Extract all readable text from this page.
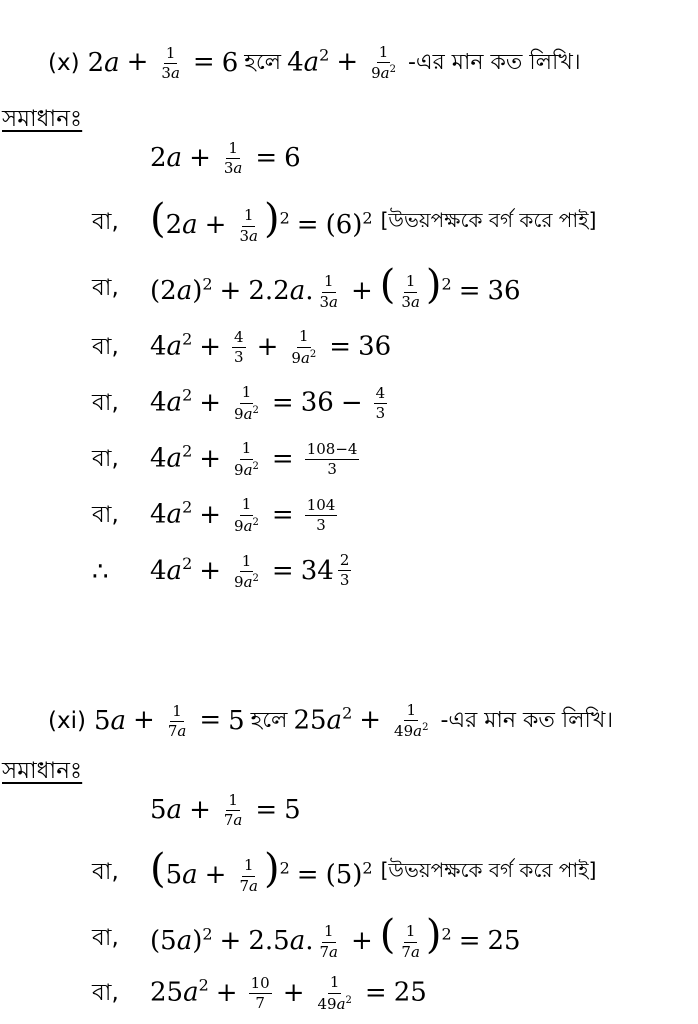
(x) $2a + \frac{1}{3a} = 6$ হলে $4a^2 + \frac{1}{9a^2}$ -এর মান কত লিখি।
সমাধানঃ
$2a + \frac{1}{3a} = 6$
বা, $(2a + \frac{1}{3a} )^2 = (6)^2$ [উভয়পক্ষকে বর্গ করে পাই]
বা,	$(2a)^2 + 2.2a$. $\frac{1}{3a}$ + ( $\frac{1}{3a} )^2 = 36$
বা,	$4a^2 + \frac{4}{3} + \frac{1}{9a^2} = 36$
বা,	$4a^2 + \frac{1}{9a^2} = 36 - \frac{4}{3}$
বা,	$4a^2 + \frac{1}{9a^2} = \frac{108-4}{3}$
বা,	$4a^2 + \frac{1}{9a^2} = \frac{104}{3}$
∴	$4a^2 + \frac{1}{9a^2} = 34 \frac{2}{3}$
(xi) $5a + \frac{1}{7a} = 5$ হলে $25a^2 + \frac{1}{49a^2}$ -এর মান কত লিখি।
সমাধানঃ
$5a + \frac{1}{7a} = 5$
বা, $(5a + \frac{1}{7a} )^2 = (5)^2$ [উভয়পক্ষকে বর্গ করে পাই]
বা,	$(5a)^2 + 2.5a$. $\frac{1}{7a}$ + ( $\frac{1}{7a} )^2 = 25$
বা,	$25a^2 + \frac{10}{7} + \frac{1}{49a^2} = 25$
